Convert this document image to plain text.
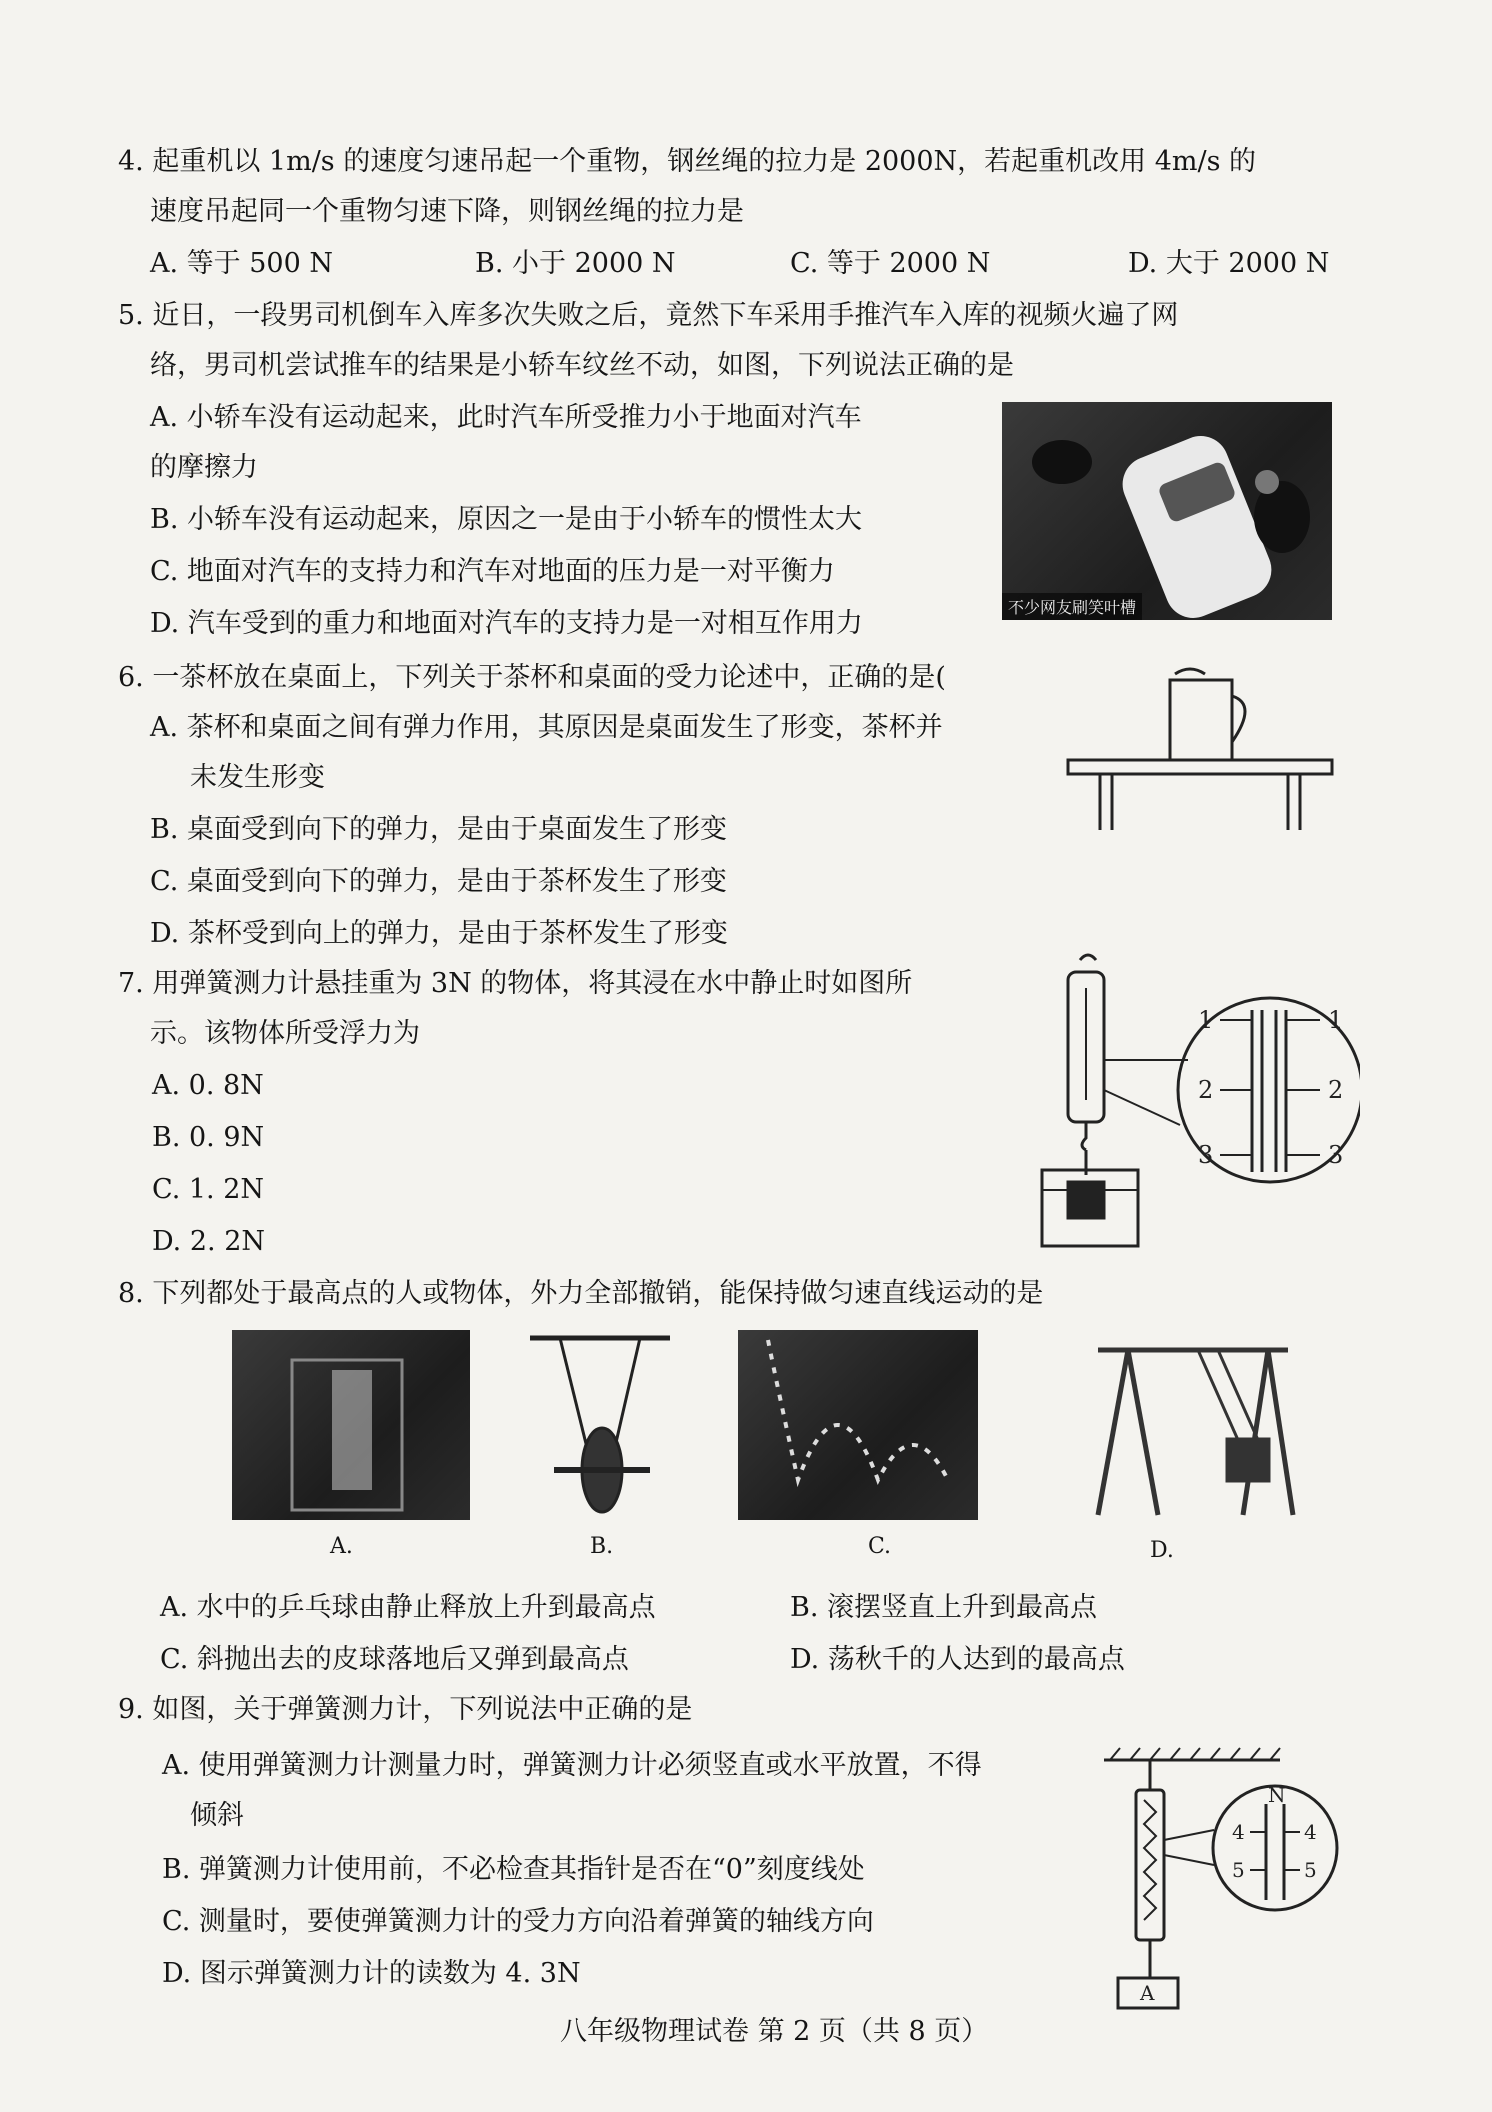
4. 起重机以 1m/s 的速度匀速吊起一个重物，钢丝绳的拉力是 2000N，若起重机改用 4m/s 的
速度吊起同一个重物匀速下降，则钢丝绳的拉力是
A. 等于 500 N	B. 小于 2000 N	C. 等于 2000 N	D. 大于 2000 N
5. 近日，一段男司机倒车入库多次失败之后，竟然下车采用手推汽车入库的视频火遍了网
络，男司机尝试推车的结果是小轿车纹丝不动，如图，下列说法正确的是
A. 小轿车没有运动起来，此时汽车所受推力小于地面对汽车
的摩擦力
B. 小轿车没有运动起来，原因之一是由于小轿车的惯性太大
C. 地面对汽车的支持力和汽车对地面的压力是一对平衡力
D. 汽车受到的重力和地面对汽车的支持力是一对相互作用力
不少网友刷笑叶槽
6. 一茶杯放在桌面上，下列关于茶杯和桌面的受力论述中，正确的是(
A. 茶杯和桌面之间有弹力作用，其原因是桌面发生了形变，茶杯并
未发生形变
B. 桌面受到向下的弹力，是由于桌面发生了形变
C. 桌面受到向下的弹力，是由于茶杯发生了形变
D. 茶杯受到向上的弹力，是由于茶杯发生了形变
7. 用弹簧测力计悬挂重为 3N 的物体，将其浸在水中静止时如图所
示。该物体所受浮力为
A. 0. 8N
B. 0. 9N
C. 1. 2N
D. 2. 2N
1	1
2	2
3	3
8. 下列都处于最高点的人或物体，外力全部撤销，能保持做匀速直线运动的是
A.	B.	C.	D.
A. 水中的乒乓球由静止释放上升到最高点	B. 滚摆竖直上升到最高点
C. 斜抛出去的皮球落地后又弹到最高点	D. 荡秋千的人达到的最高点
9. 如图，关于弹簧测力计，下列说法中正确的是
A. 使用弹簧测力计测量力时，弹簧测力计必须竖直或水平放置，不得
倾斜
B. 弹簧测力计使用前，不必检查其指针是否在“0”刻度线处
C. 测量时，要使弹簧测力计的受力方向沿着弹簧的轴线方向
D. 图示弹簧测力计的读数为 4. 3N
N
4	4
5	5
A
八年级物理试卷 第 2 页（共 8 页）
